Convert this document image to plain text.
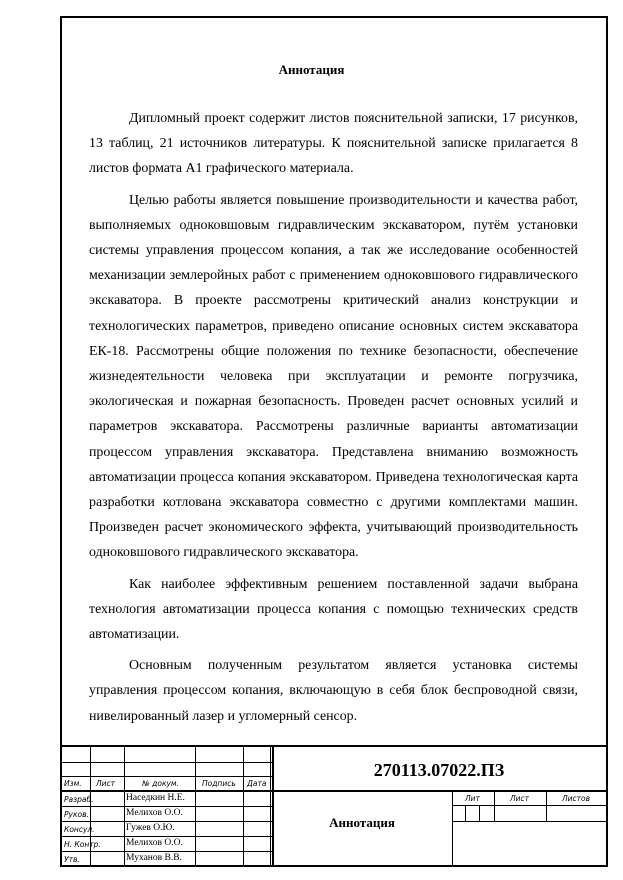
Аннотация

Дипломный проект содержит листов пояснительной записки, 17 рисунков, 13 таблиц, 21 источников литературы. К пояснительной записке прилагается 8 листов формата А1 графического материала.

Целью работы является повышение производительности и качества работ, выполняемых одноковшовым гидравлическим экскаватором, путём установки системы управления процессом копания, а так же исследование особенностей механизации землеройных работ с применением одноковшового гидравлического экскаватора. В проекте рассмотрены критический анализ конструкции и технологических параметров, приведено описание основных систем экскаватора ЕК-18. Рассмотрены общие положения по технике безопасности, обеспечение жизнедеятельности человека при эксплуатации и ремонте погрузчика, экологическая и пожарная безопасность. Проведен расчет основных усилий и параметров экскаватора. Рассмотрены различные варианты автоматизации процессом управления экскаватора. Представлена вниманию возможность автоматизации процесса копания экскаватором. Приведена технологическая карта разработки котлована экскаватора совместно с другими комплектами машин. Произведен расчет экономического эффекта, учитывающий производительность одноковшового гидравлического экскаватора.

Как наиболее эффективным решением поставленной задачи выбрана технология автоматизации процесса копания с помощью технических средств автоматизации.

Основным полученным результатом является установка системы управления процессом копания, включающую в себя блок беспроводной связи, нивелированный лазер и угломерный сенсор.

Изм. Лист	№ докум.	Подпись Дата
Разраб.	Наседкин Н.Е.
Руков.	Мелихов О.О.
Консул.	Гужев О.Ю.
Н. Контр.	Мелихов О.О.
Утв.	Муханов В.В.
270113.07022.ПЗ
Аннотация
Лит	Лист	Листов
